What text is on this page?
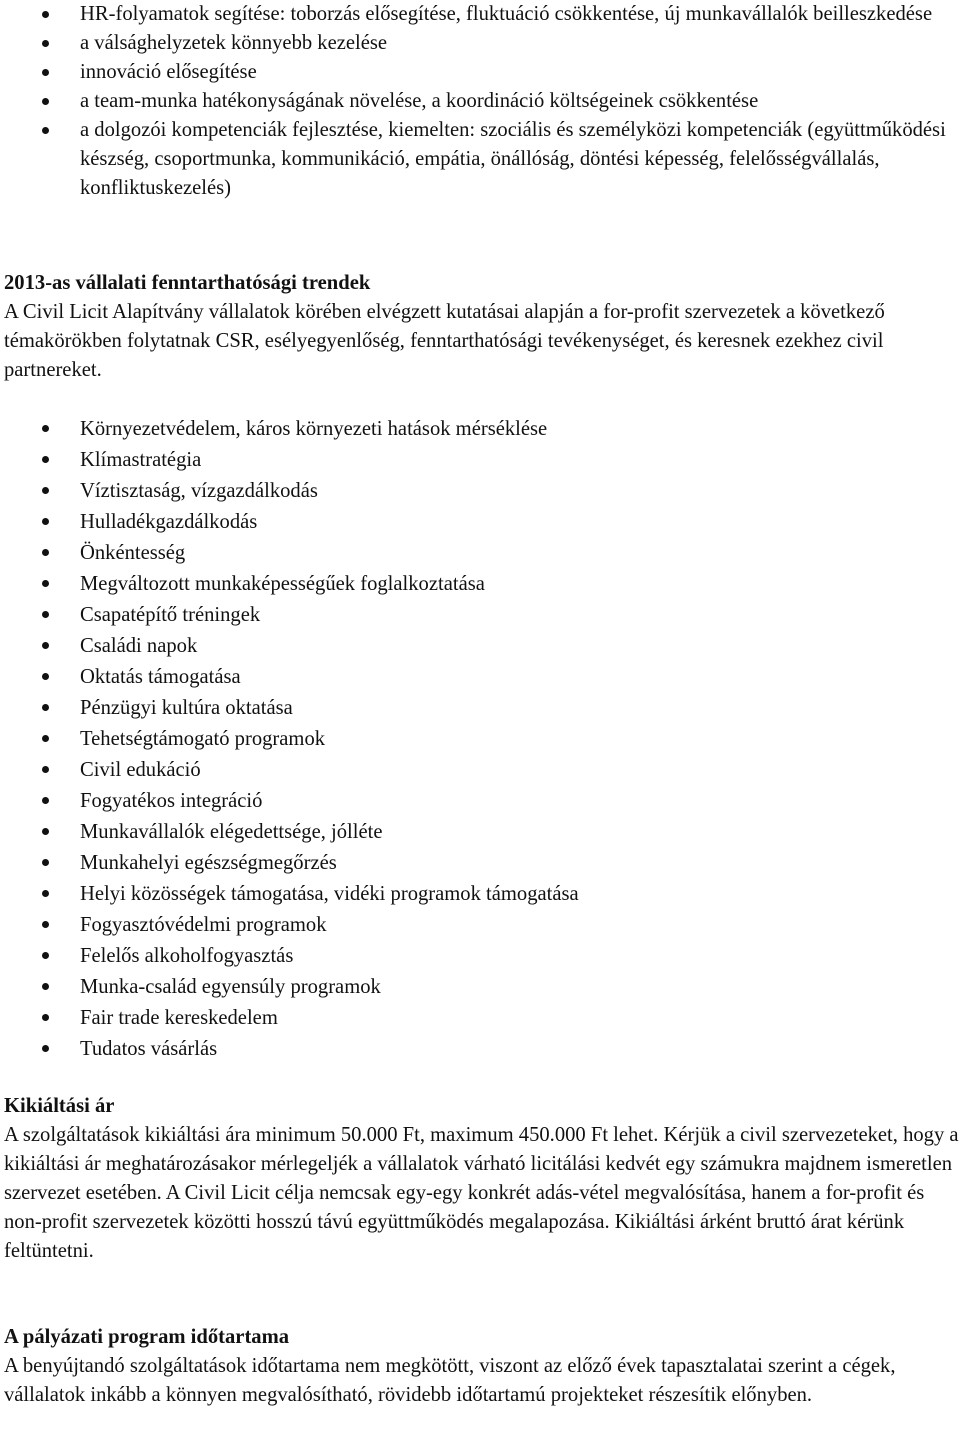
HR-folyamatok segítése: toborzás elősegítése, fluktuáció csökkentése, új munkavállalók beilleszkedése
a válsághelyzetek könnyebb kezelése
innováció elősegítése
a team-munka hatékonyságának növelése, a koordináció költségeinek csökkentése
a dolgozói kompetenciák fejlesztése, kiemelten: szociális és személyközi kompetenciák (együttműködési készség, csoportmunka, kommunikáció, empátia, önállóság, döntési képesség, felelősségvállalás, konfliktuskezelés)
2013-as vállalati fenntarthatósági trendek

A Civil Licit Alapítvány vállalatok körében elvégzett kutatásai alapján a for-profit szervezetek a következő témakörökben folytatnak CSR, esélyegyenlőség, fenntarthatósági tevékenységet, és keresnek ezekhez civil partnereket.

Környezetvédelem, káros környezeti hatások mérséklése
Klímastratégia
Víztisztaság, vízgazdálkodás
Hulladékgazdálkodás
Önkéntesség
Megváltozott munkaképességűek foglalkoztatása
Csapatépítő tréningek
Családi napok
Oktatás támogatása
Pénzügyi kultúra oktatása
Tehetségtámogató programok
Civil edukáció
Fogyatékos integráció
Munkavállalók elégedettsége, jólléte
Munkahelyi egészségmegőrzés
Helyi közösségek támogatása, vidéki programok támogatása
Fogyasztóvédelmi programok
Felelős alkoholfogyasztás
Munka-család egyensúly programok
Fair trade kereskedelem
Tudatos vásárlás
Kikiáltási ár

A szolgáltatások kikiáltási ára minimum 50.000 Ft, maximum 450.000 Ft lehet. Kérjük a civil szervezeteket, hogy a kikiáltási ár meghatározásakor mérlegeljék a vállalatok várható licitálási kedvét egy számukra majdnem ismeretlen szervezet esetében. A Civil Licit célja nemcsak egy-egy konkrét adás-vétel megvalósítása, hanem a for-profit és non-profit szervezetek közötti hosszú távú együttműködés megalapozása. Kikiáltási árként bruttó árat kérünk feltüntetni.

A pályázati program időtartama

A benyújtandó szolgáltatások időtartama nem megkötött, viszont az előző évek tapasztalatai szerint a cégek, vállalatok inkább a könnyen megvalósítható, rövidebb időtartamú projekteket részesítik előnyben.
